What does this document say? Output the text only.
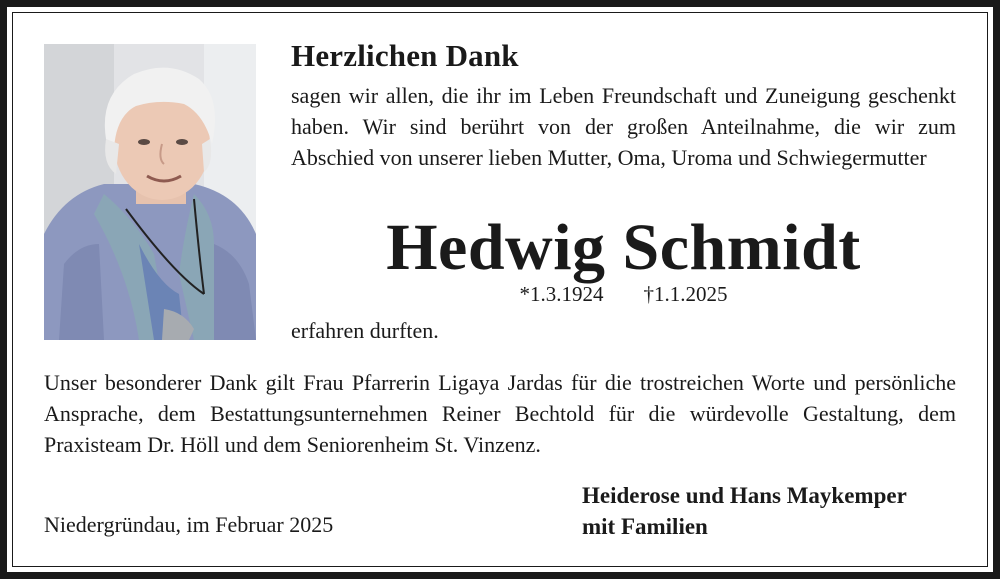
Herzlichen Dank

sagen wir allen, die ihr im Leben Freundschaft und Zuneigung geschenkt haben. Wir sind berührt von der großen Anteilnahme, die wir zum Abschied von unserer lieben Mutter, Oma, Uroma und Schwiegermutter

Hedwig Schmidt
*1.3.1924 †1.1.2025

erfahren durften.

Unser besonderer Dank gilt Frau Pfarrerin Ligaya Jardas für die trostreichen Worte und persönliche Ansprache, dem Bestattungsunternehmen Reiner Bechtold für die würdevolle Gestaltung, dem Praxisteam Dr. Höll und dem Seniorenheim St. Vinzenz.

Niedergründau, im Februar 2025

Heiderose und Hans Maykemper
mit Familien
